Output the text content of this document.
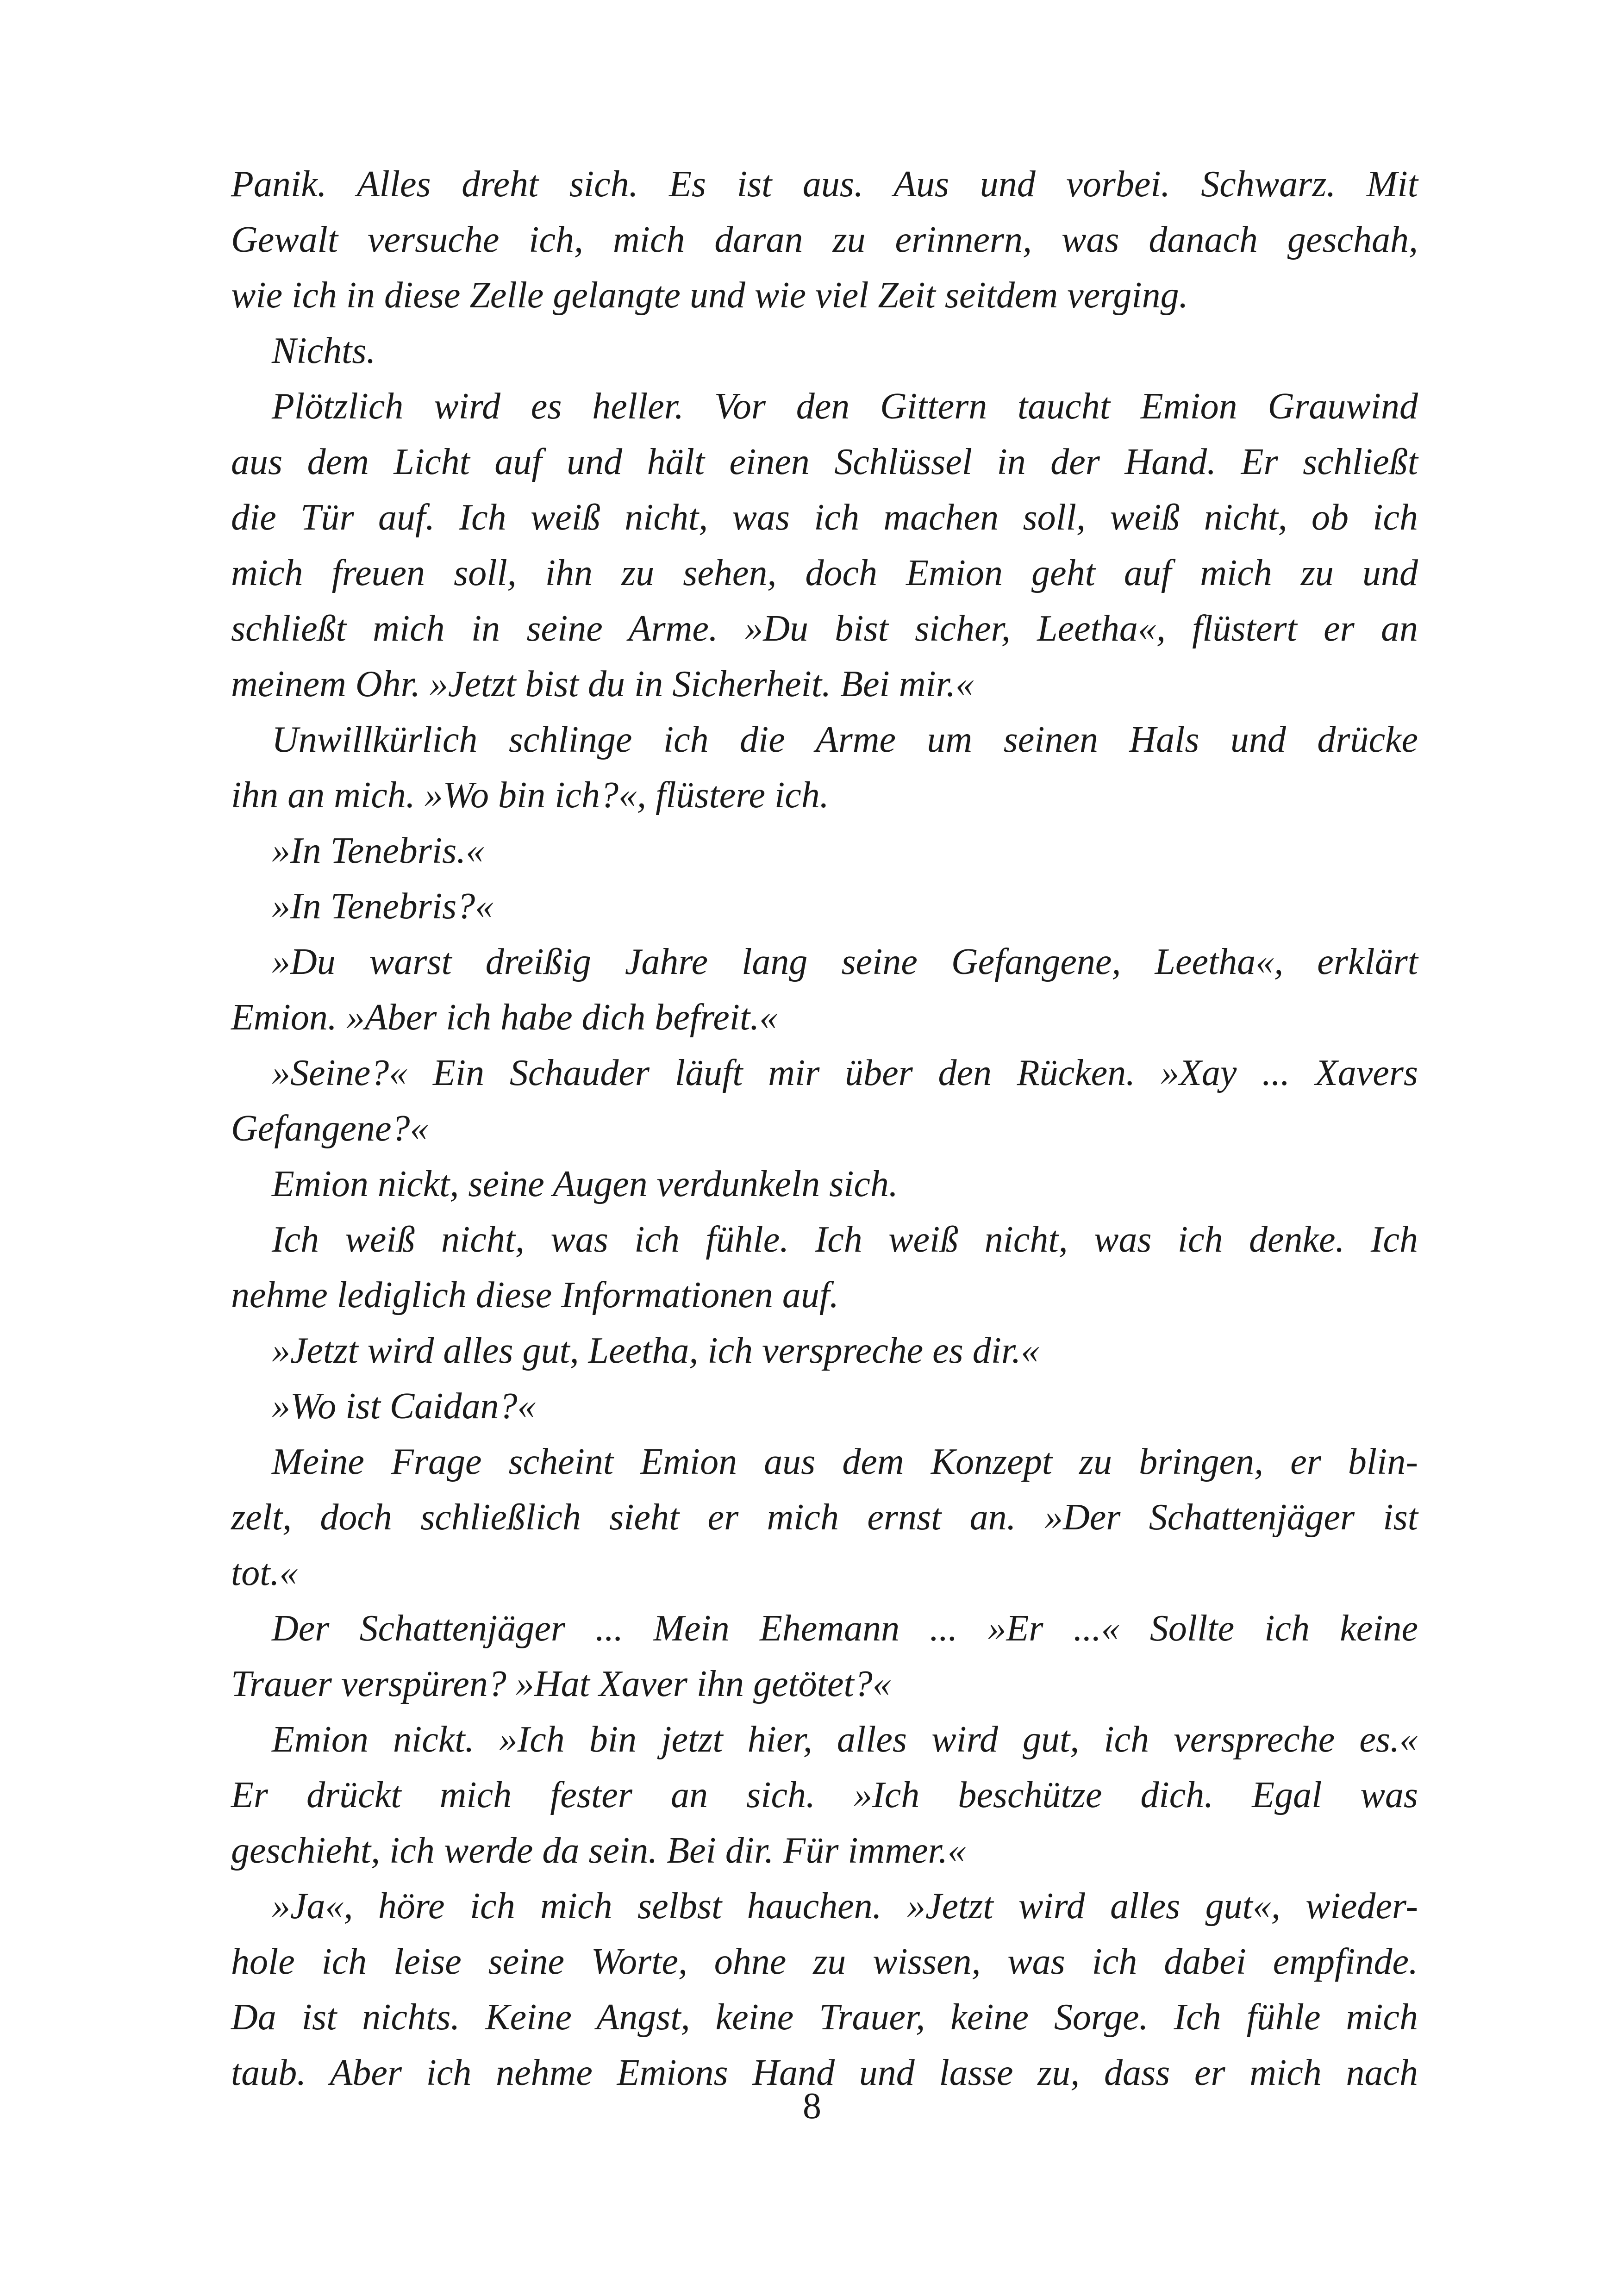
Panik. Alles dreht sich. Es ist aus. Aus und vorbei. Schwarz. Mit
Gewalt versuche ich, mich daran zu erinnern, was danach geschah,
wie ich in diese Zelle gelangte und wie viel Zeit seitdem verging.
Nichts.
Plötzlich wird es heller. Vor den Gittern taucht Emion Grauwind
aus dem Licht auf und hält einen Schlüssel in der Hand. Er schließt
die Tür auf. Ich weiß nicht, was ich machen soll, weiß nicht, ob ich
mich freuen soll, ihn zu sehen, doch Emion geht auf mich zu und
schließt mich in seine Arme. »Du bist sicher, Leetha«, flüstert er an
meinem Ohr. »Jetzt bist du in Sicherheit. Bei mir.«
Unwillkürlich schlinge ich die Arme um seinen Hals und drücke
ihn an mich. »Wo bin ich?«, flüstere ich.
»In Tenebris.«
»In Tenebris?«
»Du warst dreißig Jahre lang seine Gefangene, Leetha«, erklärt
Emion. »Aber ich habe dich befreit.«
»Seine?« Ein Schauder läuft mir über den Rücken. »Xay ... Xavers
Gefangene?«
Emion nickt, seine Augen verdunkeln sich.
Ich weiß nicht, was ich fühle. Ich weiß nicht, was ich denke. Ich
nehme lediglich diese Informationen auf.
»Jetzt wird alles gut, Leetha, ich verspreche es dir.«
»Wo ist Caidan?«
Meine Frage scheint Emion aus dem Konzept zu bringen, er blin-
zelt, doch schließlich sieht er mich ernst an. »Der Schattenjäger ist
tot.«
Der Schattenjäger ... Mein Ehemann ... »Er ...« Sollte ich keine
Trauer verspüren? »Hat Xaver ihn getötet?«
Emion nickt. »Ich bin jetzt hier, alles wird gut, ich verspreche es.«
Er drückt mich fester an sich. »Ich beschütze dich. Egal was
geschieht, ich werde da sein. Bei dir. Für immer.«
»Ja«, höre ich mich selbst hauchen. »Jetzt wird alles gut«, wieder-
hole ich leise seine Worte, ohne zu wissen, was ich dabei empfinde.
Da ist nichts. Keine Angst, keine Trauer, keine Sorge. Ich fühle mich
taub. Aber ich nehme Emions Hand und lasse zu, dass er mich nach
8
